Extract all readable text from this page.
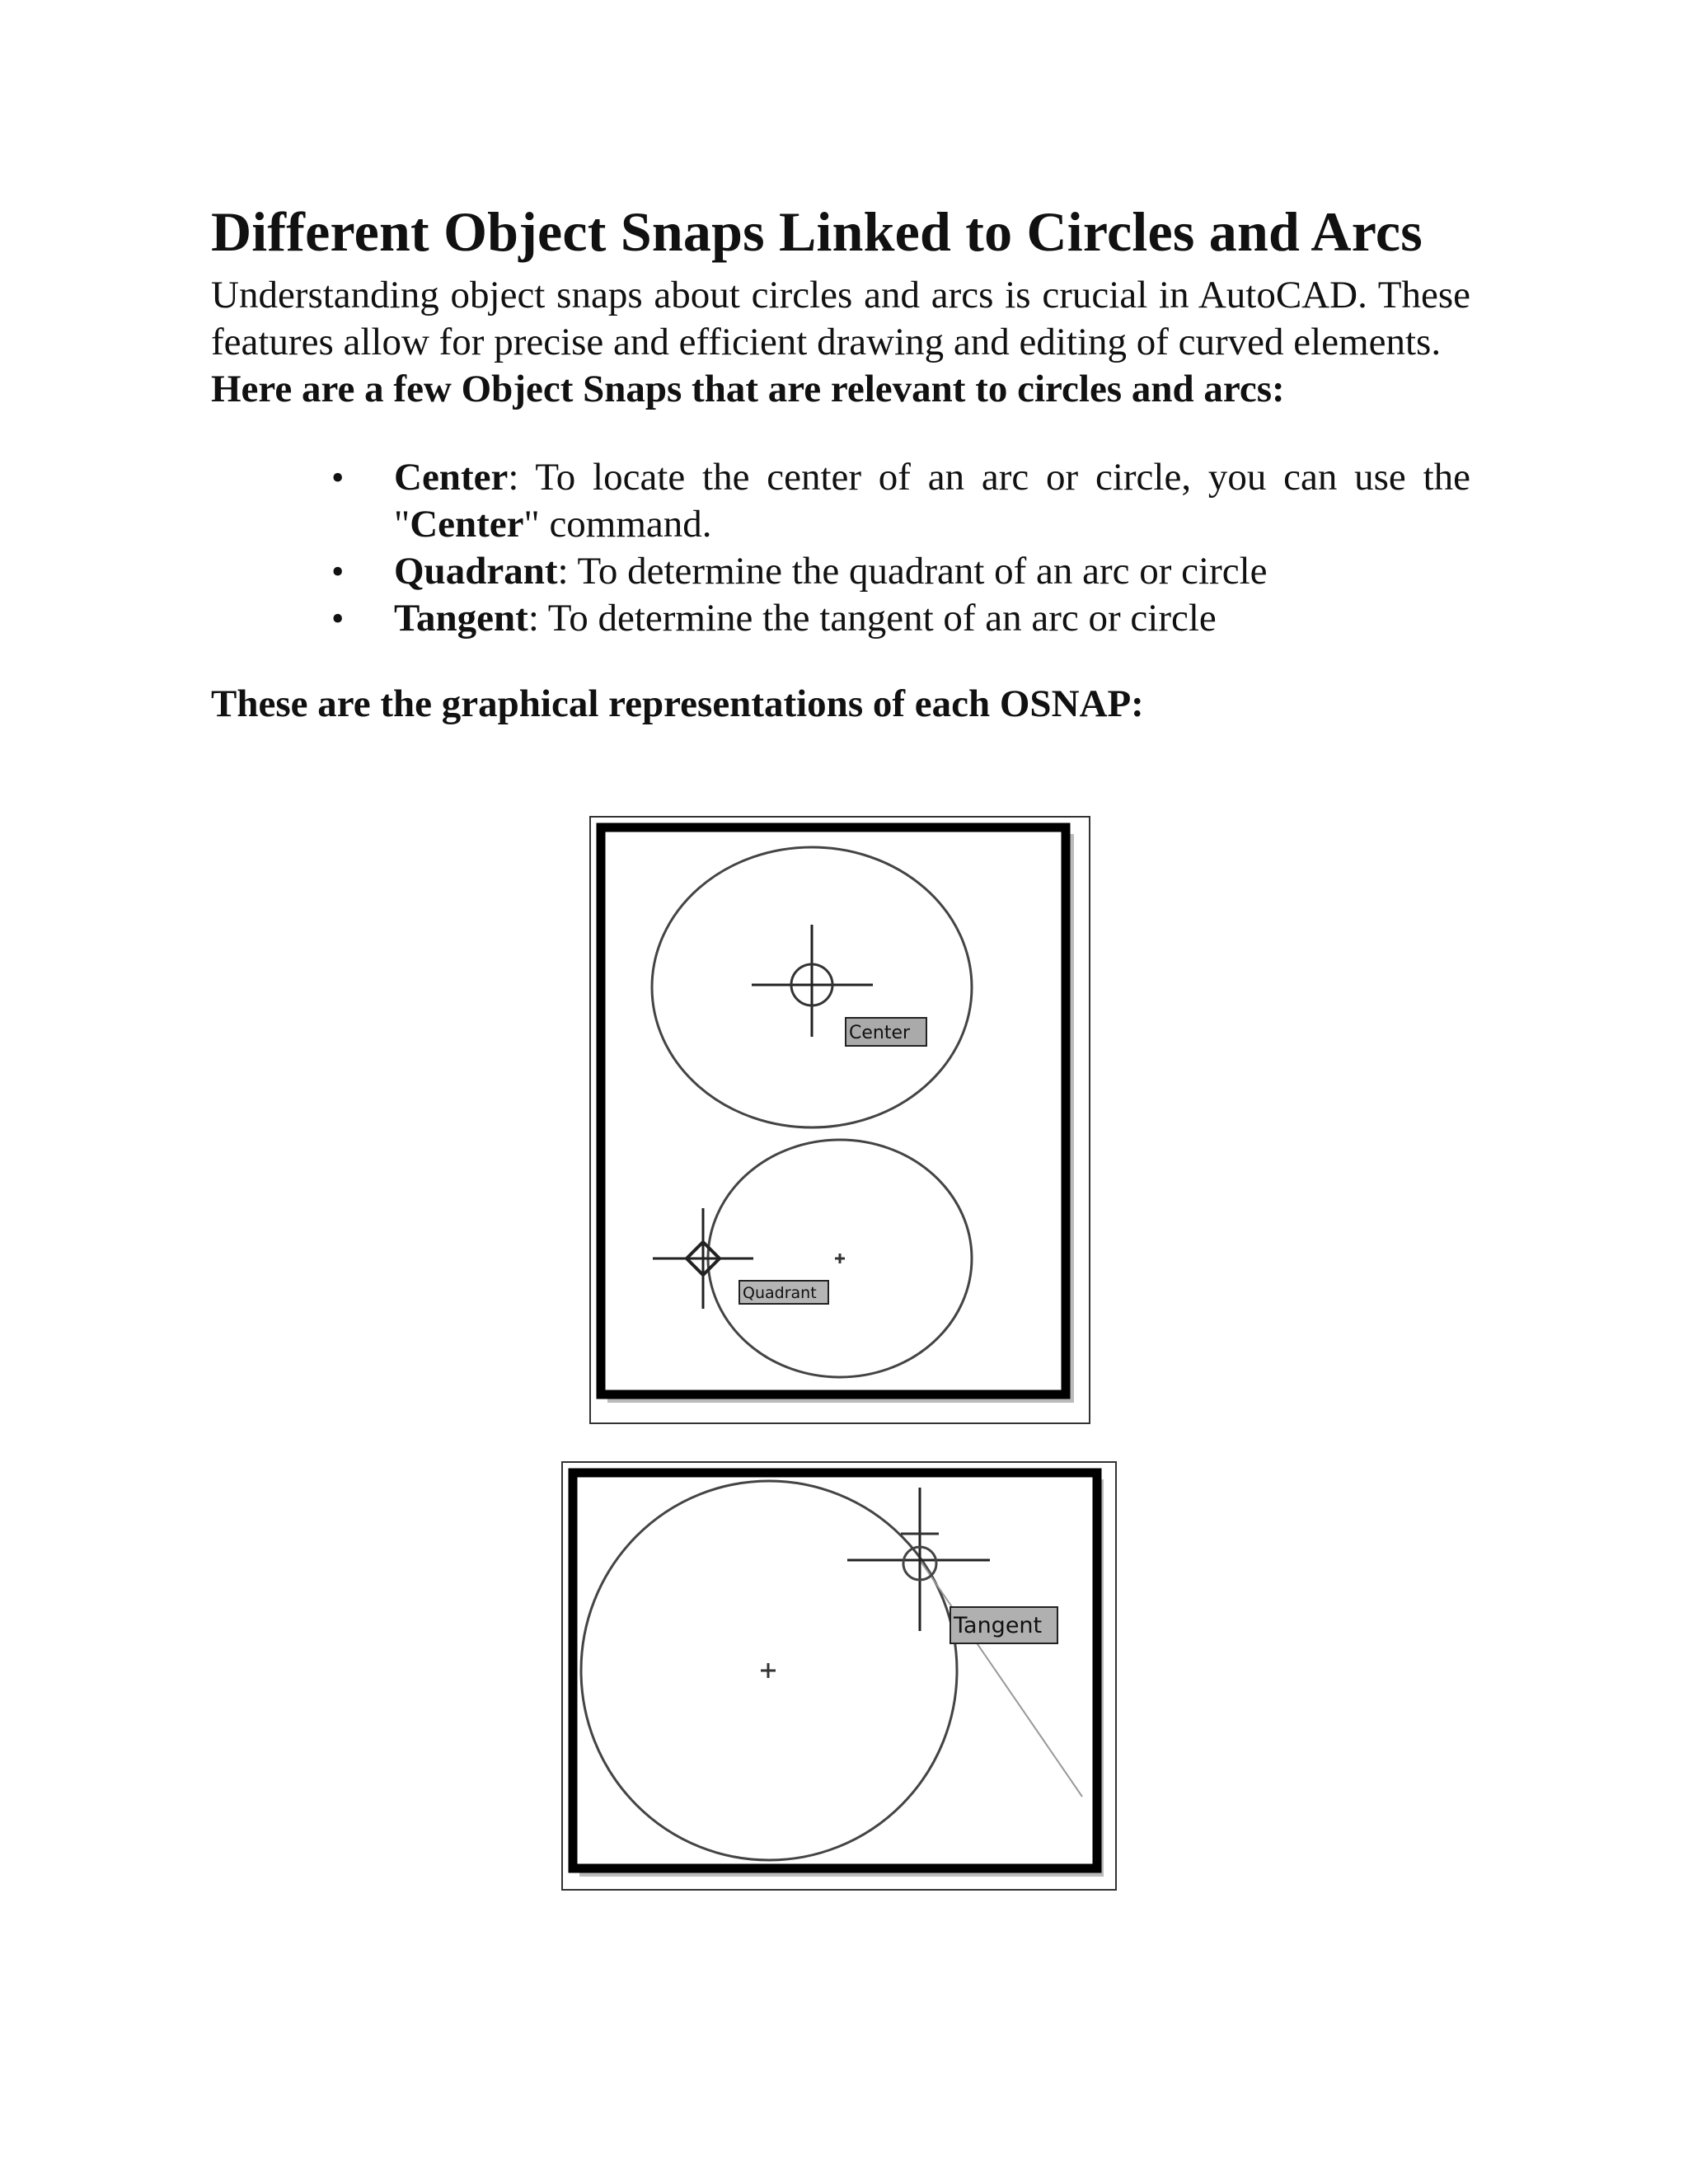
Different Object Snaps Linked to Circles and Arcs

Understanding object snaps about circles and arcs is crucial in AutoCAD. These features allow for precise and efficient drawing and editing of curved elements.

Here are a few Object Snaps that are relevant to circles and arcs:

•	Center: To locate the center of an arc or circle, you can use the "Center" command.
•	Quadrant: To determine the quadrant of an arc or circle
•	Tangent: To determine the tangent of an arc or circle

These are the graphical representations of each OSNAP:

Center
Quadrant
Tangent
